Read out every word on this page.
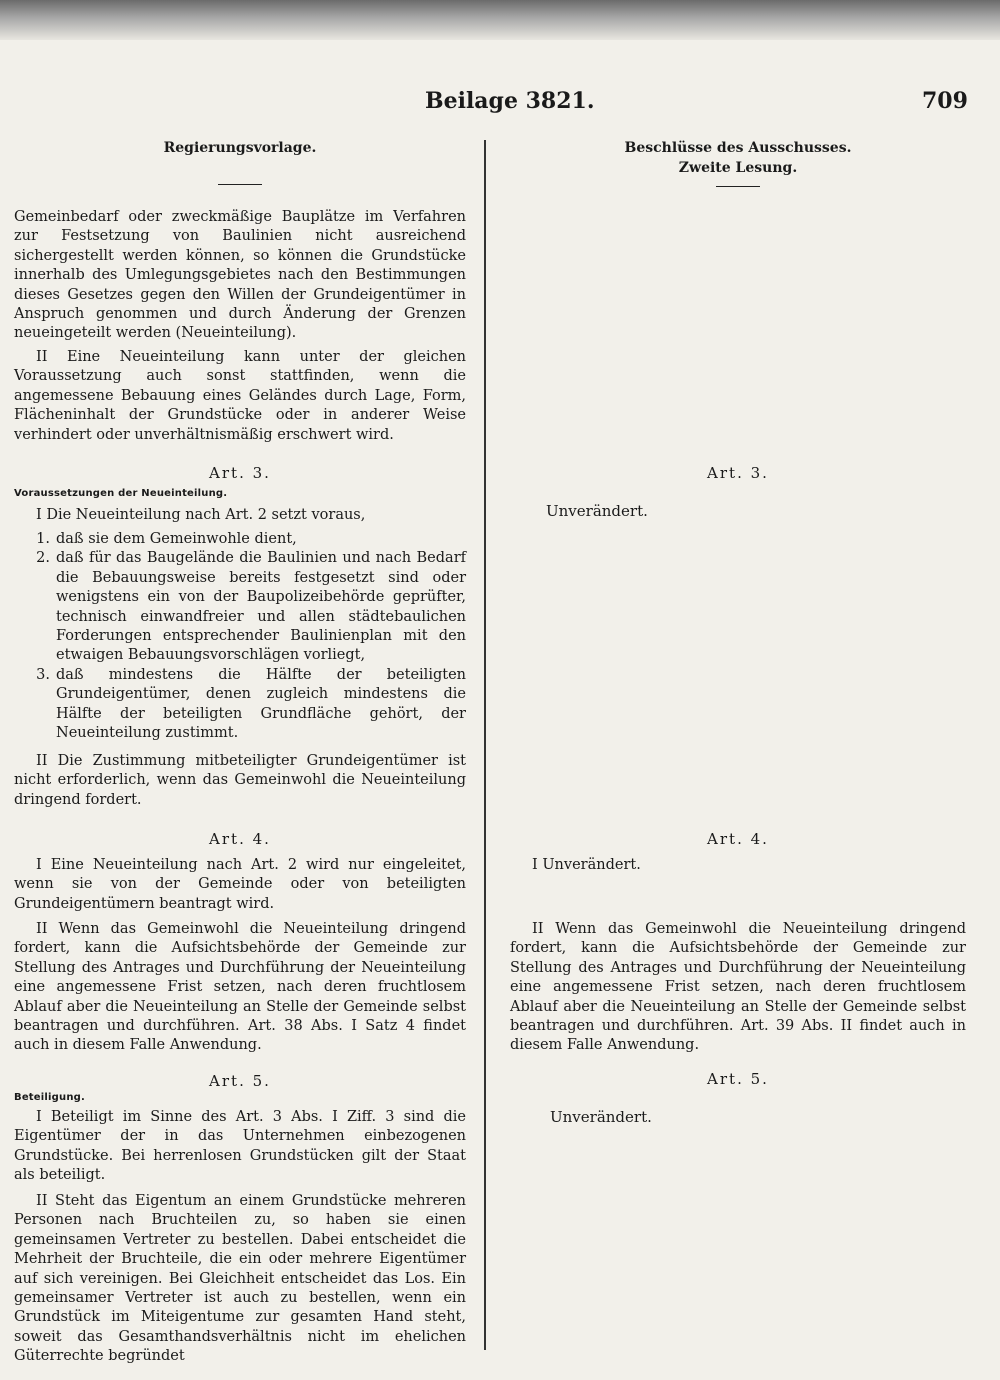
Beilage 3821.	709
Regierungsvorlage.

Gemeinbedarf oder zweckmäßige Bauplätze im Verfahren zur Festsetzung von Baulinien nicht ausreichend sichergestellt werden können, so können die Grundstücke innerhalb des Umlegungsgebietes nach den Bestimmungen dieses Gesetzes gegen den Willen der Grundeigentümer in Anspruch genommen und durch Änderung der Grenzen neueingeteilt werden (Neueinteilung).

II Eine Neueinteilung kann unter der gleichen Voraussetzung auch sonst stattfinden, wenn die angemessene Bebauung eines Geländes durch Lage, Form, Flächeninhalt der Grundstücke oder in anderer Weise verhindert oder unverhältnismäßig erschwert wird.

Art. 3.
Voraussetzungen der Neueinteilung.

I Die Neueinteilung nach Art. 2 setzt voraus,

1. daß sie dem Gemeinwohle dient,
2. daß für das Baugelände die Baulinien und nach Bedarf die Bebauungsweise bereits festgesetzt sind oder wenigstens ein von der Baupolizeibehörde geprüfter, technisch einwandfreier und allen städtebaulichen Forderungen entsprechender Baulinienplan mit den etwaigen Bebauungsvorschlägen vorliegt,
3. daß mindestens die Hälfte der beteiligten Grundeigentümer, denen zugleich mindestens die Hälfte der beteiligten Grundfläche gehört, der Neueinteilung zustimmt.

II Die Zustimmung mitbeteiligter Grundeigentümer ist nicht erforderlich, wenn das Gemeinwohl die Neueinteilung dringend fordert.

Art. 4.

I Eine Neueinteilung nach Art. 2 wird nur eingeleitet, wenn sie von der Gemeinde oder von beteiligten Grundeigentümern beantragt wird.

II Wenn das Gemeinwohl die Neueinteilung dringend fordert, kann die Aufsichtsbehörde der Gemeinde zur Stellung des Antrages und Durchführung der Neueinteilung eine angemessene Frist setzen, nach deren fruchtlosem Ablauf aber die Neueinteilung an Stelle der Gemeinde selbst beantragen und durchführen. Art. 38 Abs. I Satz 4 findet auch in diesem Falle Anwendung.

Art. 5.
Beteiligung.

I Beteiligt im Sinne des Art. 3 Abs. I Ziff. 3 sind die Eigentümer der in das Unternehmen einbezogenen Grundstücke. Bei herrenlosen Grundstücken gilt der Staat als beteiligt.

II Steht das Eigentum an einem Grundstücke mehreren Personen nach Bruchteilen zu, so haben sie einen gemeinsamen Vertreter zu bestellen. Dabei entscheidet die Mehrheit der Bruchteile, die ein oder mehrere Eigentümer auf sich vereinigen. Bei Gleichheit entscheidet das Los. Ein gemeinsamer Vertreter ist auch zu bestellen, wenn ein Grundstück im Miteigentume zur gesamten Hand steht, soweit das Gesamthandsverhältnis nicht im ehelichen Güterrechte begründet

Beschlüsse des Ausschusses.
Zweite Lesung.
Art. 3.
Unverändert.
Art. 4.

I Unverändert.

II Wenn das Gemeinwohl die Neueinteilung dringend fordert, kann die Aufsichtsbehörde der Gemeinde zur Stellung des Antrages und Durchführung der Neueinteilung eine angemessene Frist setzen, nach deren fruchtlosem Ablauf aber die Neueinteilung an Stelle der Gemeinde selbst beantragen und durchführen. Art. 39 Abs. II findet auch in diesem Falle Anwendung.

Art. 5.
Unverändert.
